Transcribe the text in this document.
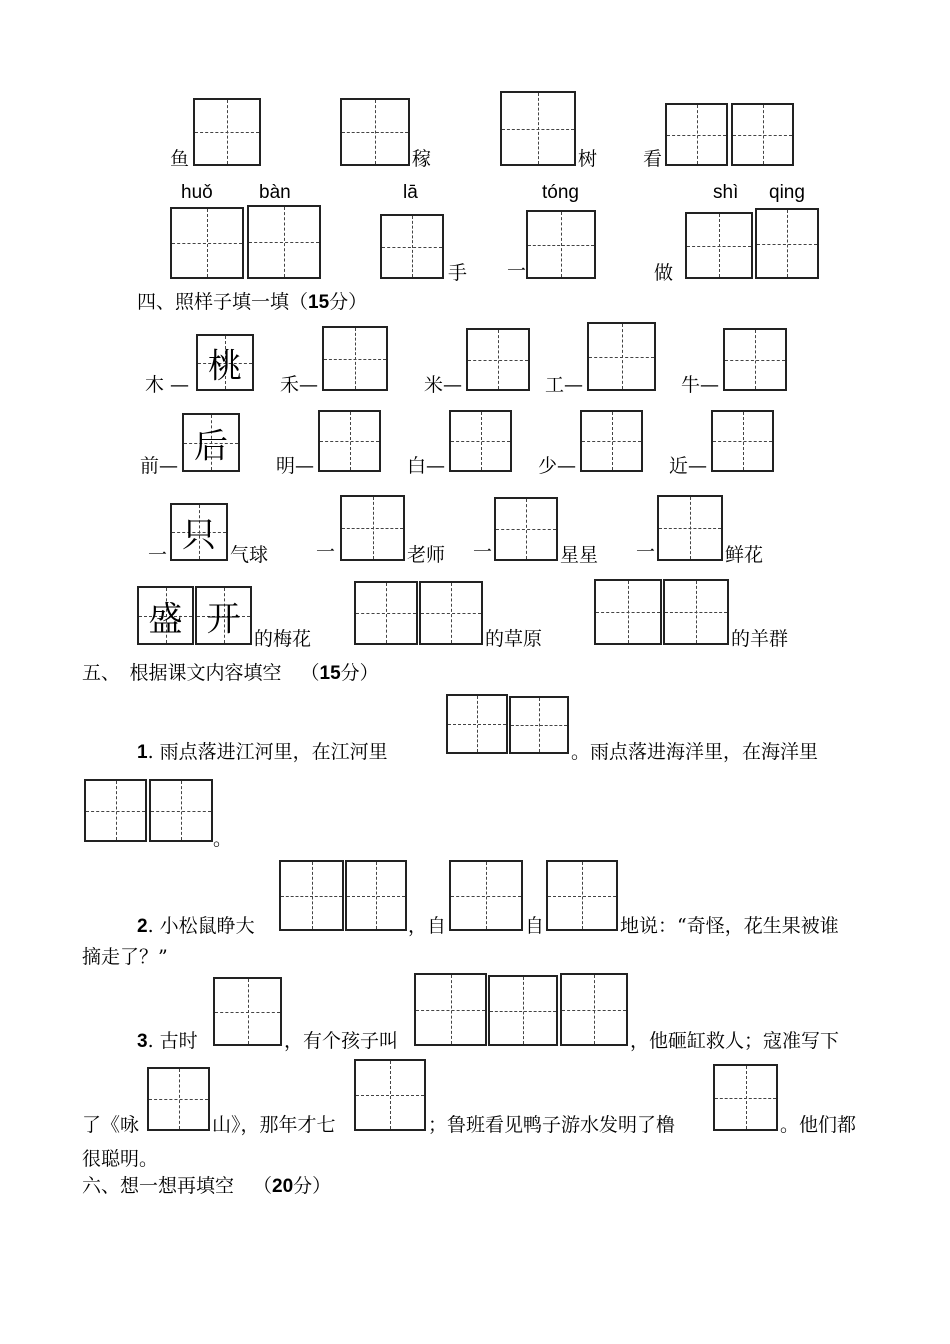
鱼	稼	树 看
huǒ bàn	lā	tóng	shì qing
手 一	做
四、照样子填一填（15分）
木 — 桃	禾—	米—	工—	牛—
前— 后	明—	白—	少—	近—
一 只 气球	一	老师 一	星星 一	鲜花
盛 开 的梅花	的草原	的羊群
五、　根据课文内容填空  （15分）
1. 雨点落进江河里，在江河里	。雨点落进海洋里，在海洋里
。
2. 小松鼠睁大	，自	自	地说：“奇怪，花生果被谁
摘走了？”
3. 古时	，有个孩子叫	，他砸缸救人；寇准写下
了《咏	山》，那年才七	；鲁班看见鸭子游水发明了橹	。他们都
很聪明。
六、想一想再填空  （20分）
